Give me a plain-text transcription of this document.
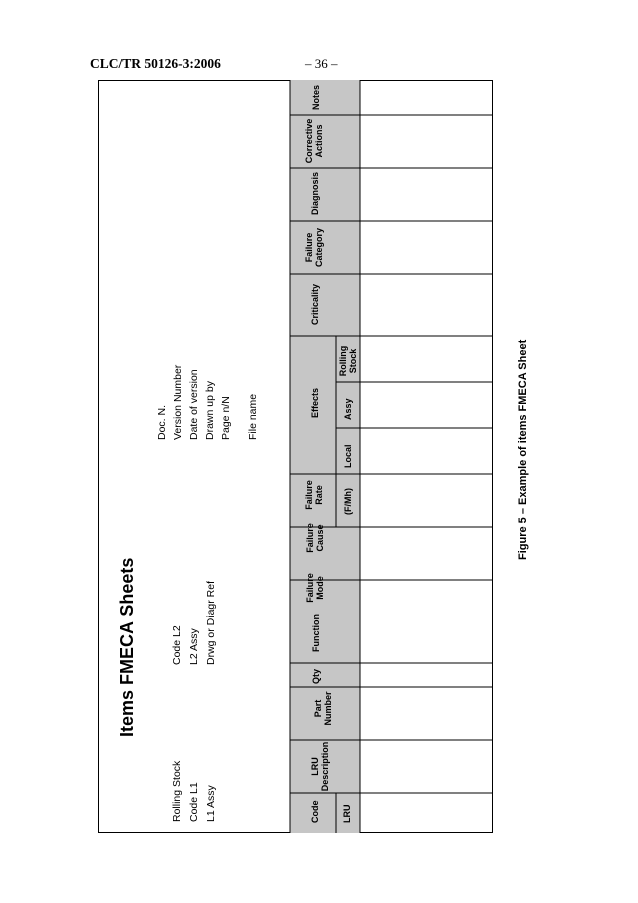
CLC/TR 50126-3:2006	– 36 –
Items FMECA Sheets
Rolling Stock Code L1 L1 Assy
Code L2 L2 Assy Drwg or Diagr Ref
Doc. N. Version Number Date of version Drawn up by Page n/N File name
Code LRU
LRU
Description
Part
Number
Qty
Function
Failure
Mode
Failure
Cause
Failure
Rate (F/Mh)
Effects
Local
Assy
Rolling
Stock
Criticality
Failure
Category
Diagnosis
Corrective
Actions
Notes
Figure 5 – Example of items FMECA Sheet
